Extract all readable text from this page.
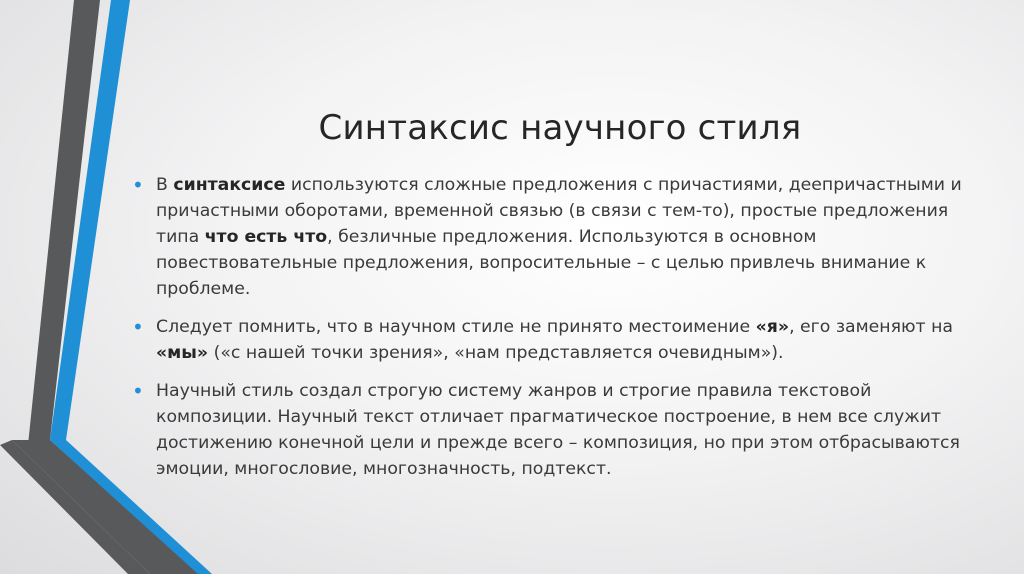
Синтаксис научного стиля
• В синтаксисе используются сложные предложения с причастиями, деепричастными и причастными оборотами, временной связью (в связи с тем-то), простые предложения типа что есть что, безличные предложения. Используются в основном повествовательные предложения, вопросительные – с целью привлечь внимание к проблеме.
• Следует помнить, что в научном стиле не принято местоимение «я», его заменяют на «мы» («с нашей точки зрения», «нам представляется очевидным»).
• Научный стиль создал строгую систему жанров и строгие правила текстовой композиции. Научный текст отличает прагматическое построение, в нем все служит достижению конечной цели и прежде всего – композиция, но при этом отбрасываются эмоции, многословие, многозначность, подтекст.
